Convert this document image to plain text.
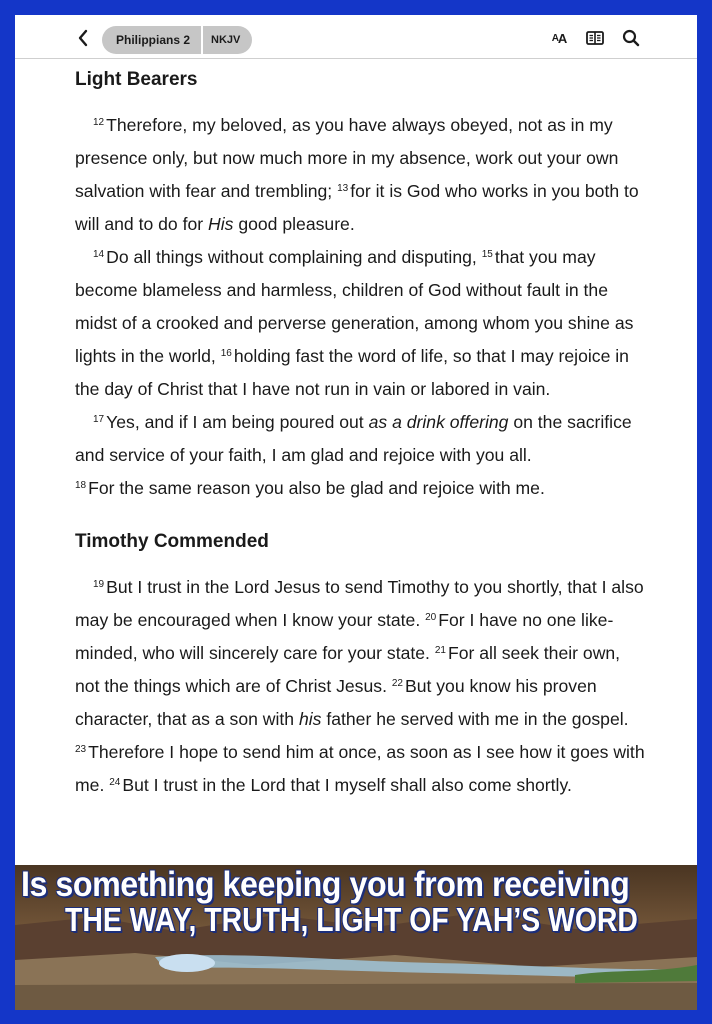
Philippians 2	NKJV	A A
Light Bearers

$^{12}$ Therefore, my beloved, as you have always obeyed, not as in my presence only, but now much more in my absence, work out your own salvation with fear and trembling; $^{13}$ for it is God who works in you both to will and to do for His good pleasure.

$^{14}$ Do all things without complaining and disputing, $^{15}$ that you may become blameless and harmless, children of God without fault in the midst of a crooked and perverse generation, among whom you shine as lights in the world, $^{16}$ holding fast the word of life, so that I may rejoice in the day of Christ that I have not run in vain or labored in vain.

$^{17}$ Yes, and if I am being poured out as a drink offering on the sacrifice and service of your faith, I am glad and rejoice with you all.

$^{18}$ For the same reason you also be glad and rejoice with me.

Timothy Commended

$^{19}$ But I trust in the Lord Jesus to send Timothy to you shortly, that I also may be encouraged when I know your state. $^{20}$ For I have no one like-minded, who will sincerely care for your state. $^{21}$ For all seek their own, not the things which are of Christ Jesus. $^{22}$ But you know his proven character, that as a son with his father he served with me in the gospel. $^{23}$ Therefore I hope to send him at once, as soon as I see how it goes with me. $^{24}$ But I trust in the Lord that I myself shall also come shortly.

Is something keeping you from receiving
THE WAY, TRUTH, LIGHT OF YAH’S WORD
